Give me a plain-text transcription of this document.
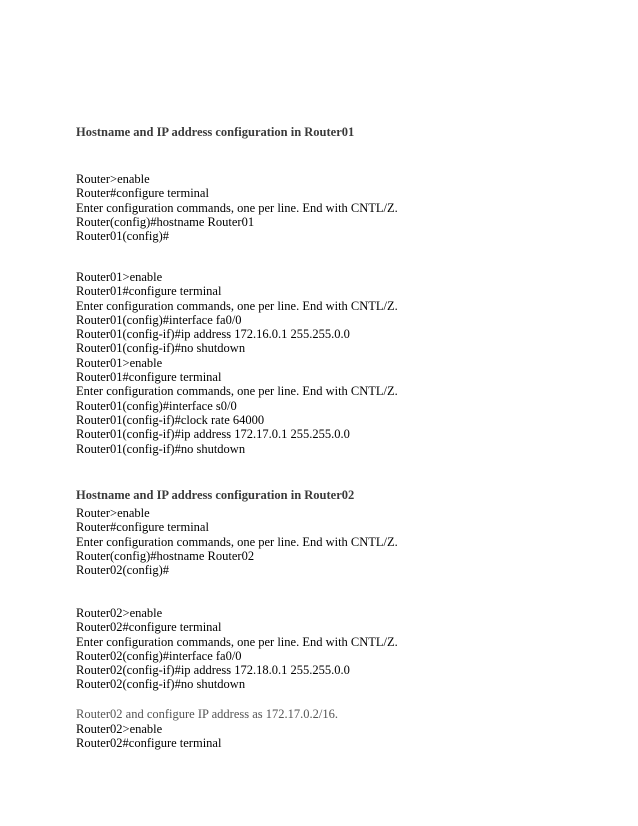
Hostname and IP address configuration in Router01
Router>enable
Router#configure terminal
Enter configuration commands, one per line. End with CNTL/Z.
Router(config)#hostname Router01
Router01(config)#
Router01>enable
Router01#configure terminal
Enter configuration commands, one per line. End with CNTL/Z.
Router01(config)#interface fa0/0
Router01(config-if)#ip address 172.16.0.1 255.255.0.0
Router01(config-if)#no shutdown
Router01>enable
Router01#configure terminal
Enter configuration commands, one per line. End with CNTL/Z.
Router01(config)#interface s0/0
Router01(config-if)#clock rate 64000
Router01(config-if)#ip address 172.17.0.1 255.255.0.0
Router01(config-if)#no shutdown
Hostname and IP address configuration in Router02
Router>enable
Router#configure terminal
Enter configuration commands, one per line. End with CNTL/Z.
Router(config)#hostname Router02
Router02(config)#
Router02>enable
Router02#configure terminal
Enter configuration commands, one per line. End with CNTL/Z.
Router02(config)#interface fa0/0
Router02(config-if)#ip address 172.18.0.1 255.255.0.0
Router02(config-if)#no shutdown

Router02 and configure IP address as 172.17.0.2/16.

Router02>enable
Router02#configure terminal
